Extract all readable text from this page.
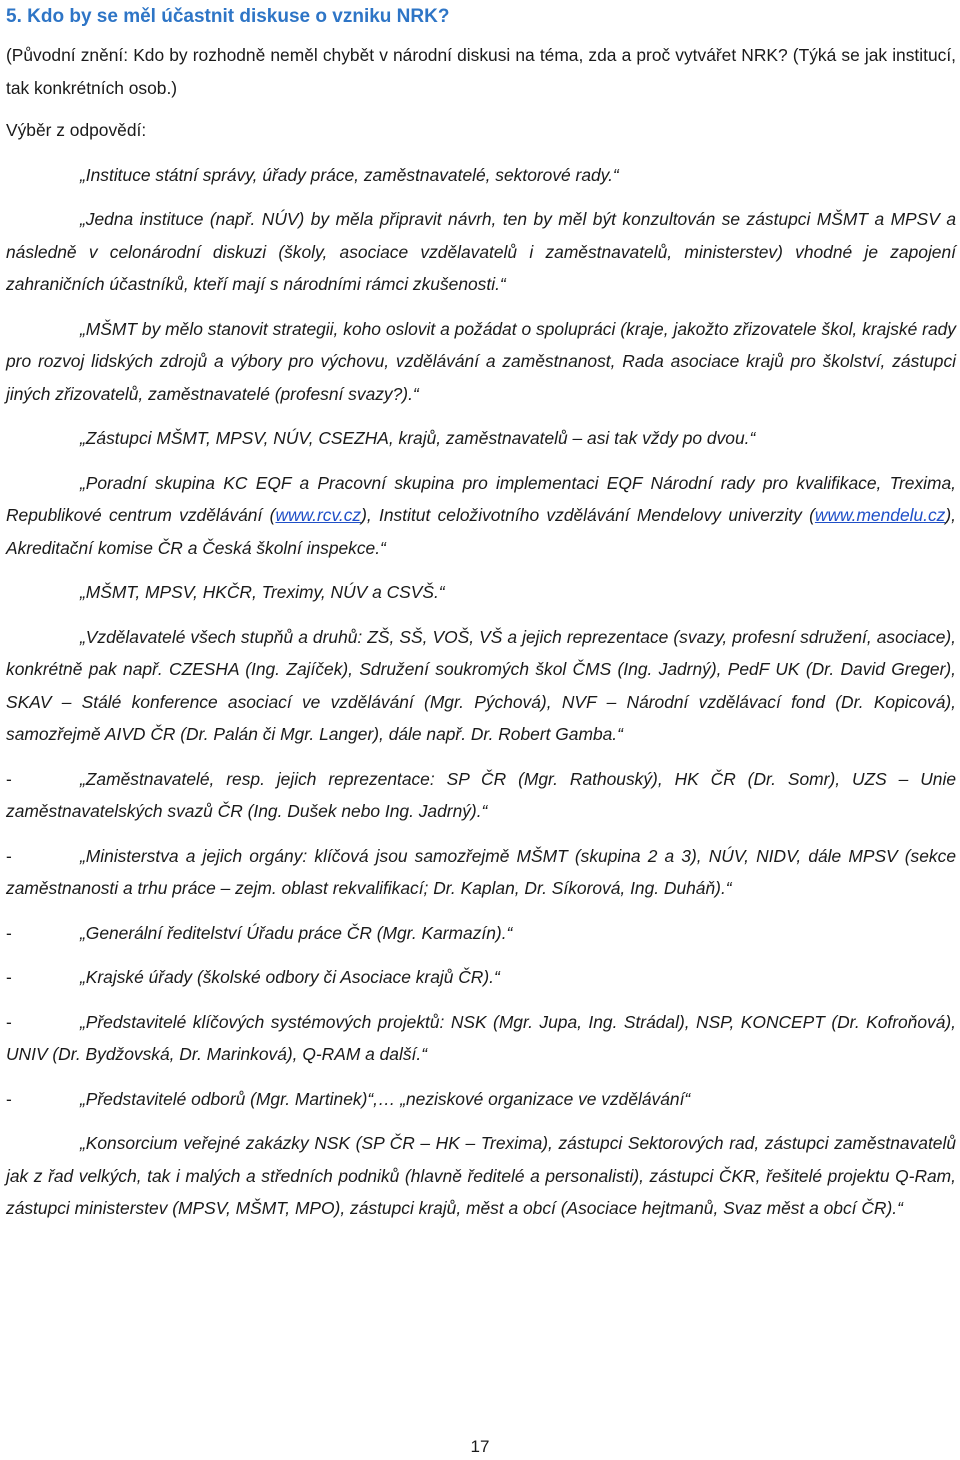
5. Kdo by se měl účastnit diskuse o vzniku NRK?

(Původní znění: Kdo by rozhodně neměl chybět v národní diskusi na téma, zda a proč vytvářet NRK? (Týká se jak institucí, tak konkrétních osob.)

Výběr z odpovědí:

„Instituce státní správy, úřady práce, zaměstnavatelé, sektorové rady.“

„Jedna instituce (např. NÚV) by měla připravit návrh, ten by měl být konzultován se zástupci MŠMT a MPSV a následně v celonárodní diskuzi (školy, asociace vzdělavatelů i zaměstnavatelů, ministerstev) vhodné je zapojení zahraničních účastníků, kteří mají s národními rámci zkušenosti.“

„MŠMT by mělo stanovit strategii, koho oslovit a požádat o spolupráci (kraje, jakožto zřizovatele škol, krajské rady pro rozvoj lidských zdrojů a výbory pro výchovu, vzdělávání a zaměstnanost, Rada asociace krajů pro školství, zástupci jiných zřizovatelů, zaměstnavatelé (profesní svazy?).“

„Zástupci MŠMT, MPSV, NÚV, CSEZHA, krajů, zaměstnavatelů – asi tak vždy po dvou.“

„Poradní skupina KC EQF a Pracovní skupina pro implementaci EQF Národní rady pro kvalifikace, Trexima, Republikové centrum vzdělávání (www.rcv.cz), Institut celoživotního vzdělávání Mendelovy univerzity (www.mendelu.cz), Akreditační komise ČR a Česká školní inspekce.“

„MŠMT, MPSV, HKČR, Treximy, NÚV a CSVŠ.“

„Vzdělavatelé všech stupňů a druhů: ZŠ, SŠ, VOŠ, VŠ a jejich reprezentace (svazy, profesní sdružení, asociace), konkrétně pak např. CZESHA (Ing. Zajíček), Sdružení soukromých škol ČMS (Ing. Jadrný), PedF UK (Dr. David Greger), SKAV – Stálé konference asociací ve vzdělávání (Mgr. Pýchová), NVF – Národní vzdělávací fond (Dr. Kopicová), samozřejmě AIVD ČR (Dr. Palán či Mgr. Langer), dále např. Dr. Robert Gamba.“

-	„Zaměstnavatelé, resp. jejich reprezentace: SP ČR (Mgr. Rathouský), HK ČR (Dr. Somr), UZS – Unie zaměstnavatelských svazů ČR (Ing. Dušek nebo Ing. Jadrný).“

-	„Ministerstva a jejich orgány: klíčová jsou samozřejmě MŠMT (skupina 2 a 3), NÚV, NIDV, dále MPSV (sekce zaměstnanosti a trhu práce – zejm. oblast rekvalifikací; Dr. Kaplan, Dr. Síkorová, Ing. Duháň).“

-	„Generální ředitelství Úřadu práce ČR (Mgr. Karmazín).“

-	„Krajské úřady (školské odbory či Asociace krajů ČR).“

-	„Představitelé klíčových systémových projektů: NSK (Mgr. Jupa, Ing. Strádal), NSP, KONCEPT (Dr. Kofroňová), UNIV (Dr. Bydžovská, Dr. Marinková), Q-RAM a další.“

-	„Představitelé odborů (Mgr. Martinek)“,… „neziskové organizace ve vzdělávání“

„Konsorcium veřejné zakázky NSK (SP ČR – HK – Trexima), zástupci Sektorových rad, zástupci zaměstnavatelů jak z řad velkých, tak i malých a středních podniků (hlavně ředitelé a personalisti), zástupci ČKR, řešitelé projektu Q-Ram, zástupci ministerstev (MPSV, MŠMT, MPO), zástupci krajů, měst a obcí (Asociace hejtmanů, Svaz měst a obcí ČR).“

17
